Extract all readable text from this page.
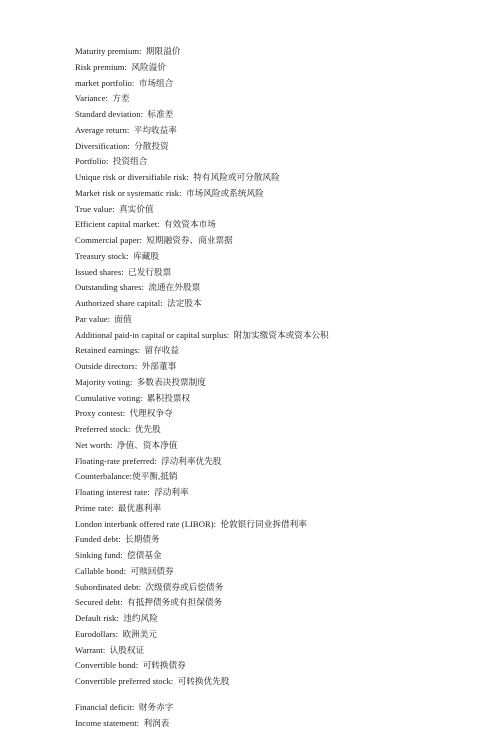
Maturity premium:  期限溢价
Risk premium:  风险溢价
market portfolio:  市场组合
Variance:  方差
Standard deviation:  标准差
Average return:  平均收益率
Diversification:  分散投资
Portfolio:  投资组合
Unique risk or diversifiable risk:  特有风险或可分散风险
Market risk or systematic risk:  市场风险或系统风险
True value:  真实价值
Efficient capital market:  有效资本市场
Commercial paper:  短期融资券、商业票据
Treasury stock:  库藏股
Issued shares:  已发行股票
Outstanding shares:  流通在外股票
Authorized share capital:  法定股本
Par value:  面值
Additional paid-in capital or capital surplus:  附加实缴资本或资本公积
Retained earnings:  留存收益
Outside directors:  外部董事
Majority voting:  多数表决投票制度
Cumulative voting:  累积投票权
Proxy contest:  代理权争夺
Preferred stock:  优先股
Net worth:  净值、资本净值
Floating-rate preferred:  浮动利率优先股
Counterbalance:使平衡,抵销
Floating interest rate:  浮动利率
Prime rate:  最优惠利率
London interbank offered rate (LIBOR):  伦敦银行同业拆借利率
Funded debt:  长期债务
Sinking fund:  偿债基金
Callable bond:  可赎回债券
Subordinated debt:  次级债券或后偿债务
Secured debt:  有抵押债务或有担保债务
Default risk:  违约风险
Eurodollars:  欧洲美元
Warrant:  认股权证
Convertible bond:  可转换债券
Convertible preferred stock:  可转换优先股
Financial deficit:  财务赤字
Income statement:  利润表
